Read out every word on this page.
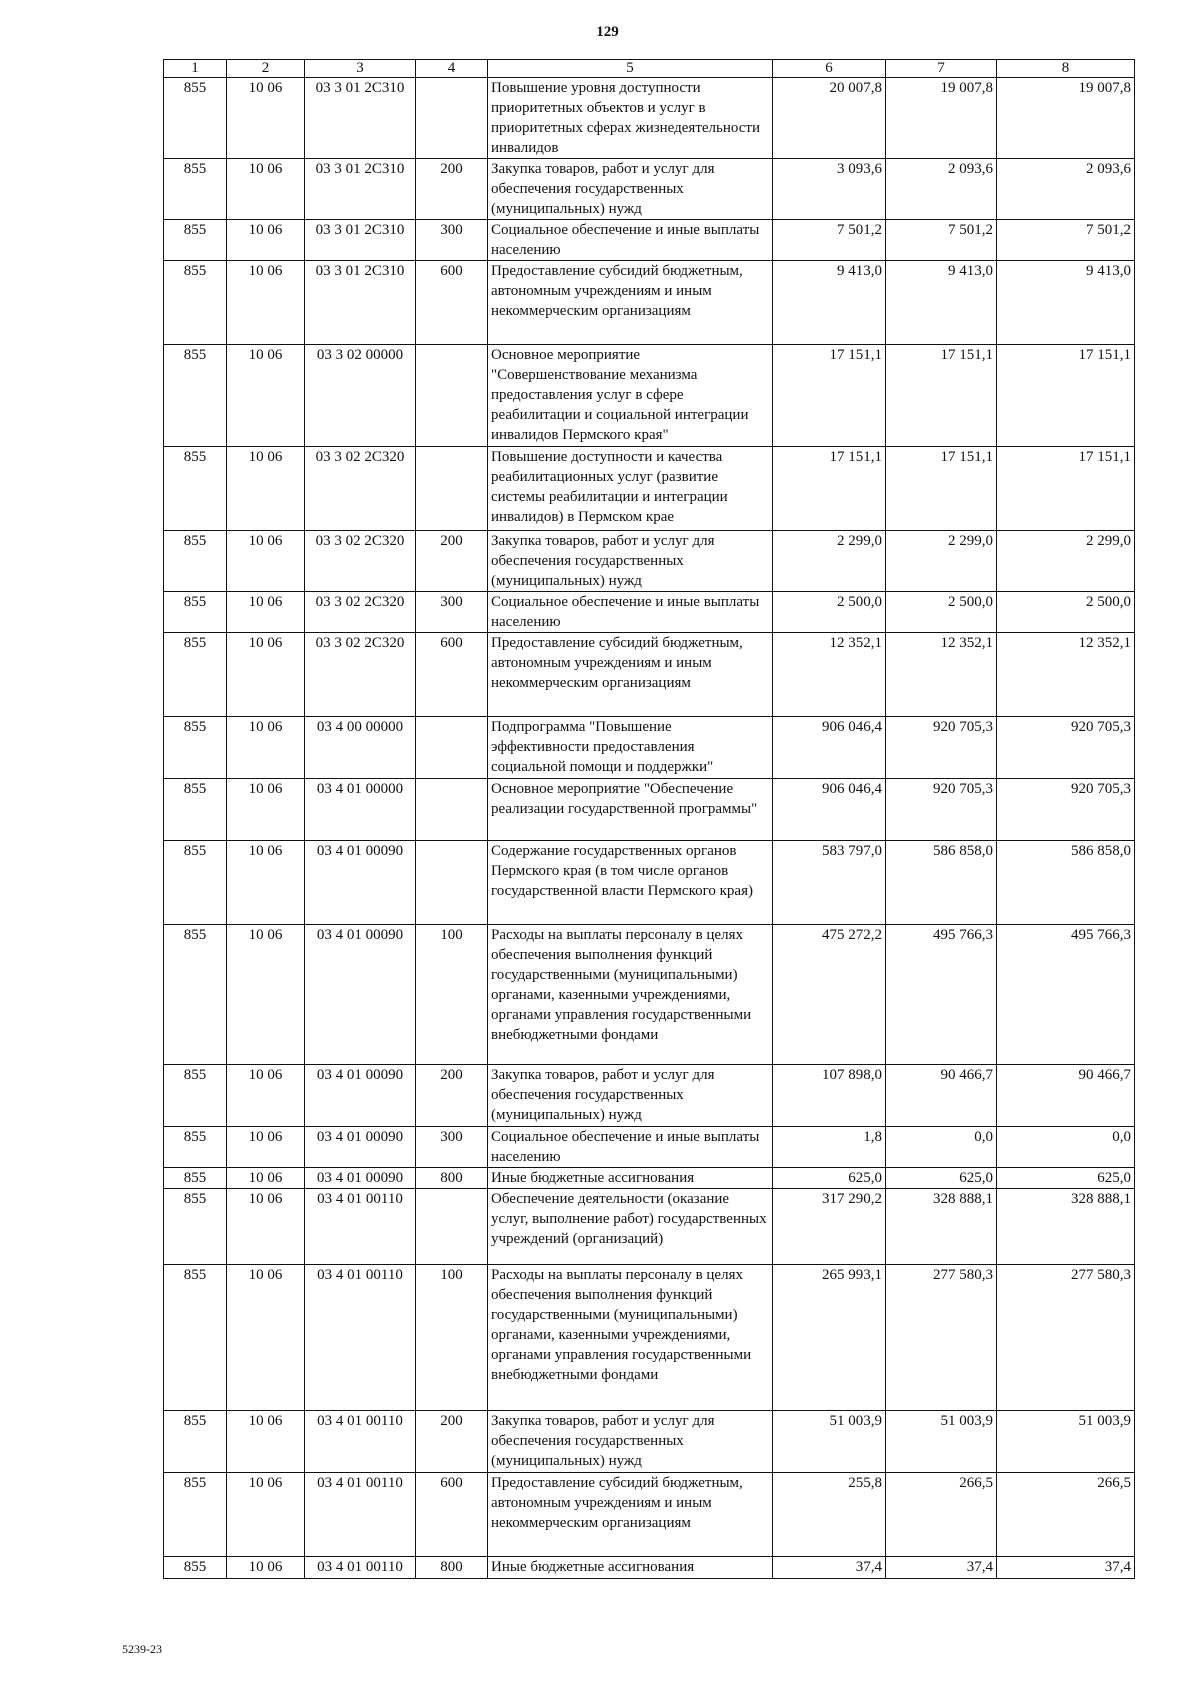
129
1	2	3	4	5	6	7	8
855	10 06	03 3 01 2С310		Повышение уровня доступности приоритетных объектов и услуг в приоритетных сферах жизнедеятельности инвалидов	20 007,8	19 007,8	19 007,8
855	10 06	03 3 01 2С310	200	Закупка товаров, работ и услуг для обеспечения государственных (муниципальных) нужд	3 093,6	2 093,6	2 093,6
855	10 06	03 3 01 2С310	300	Социальное обеспечение и иные выплаты населению	7 501,2	7 501,2	7 501,2
855	10 06	03 3 01 2С310	600	Предоставление субсидий бюджетным, автономным учреждениям и иным некоммерческим организациям	9 413,0	9 413,0	9 413,0
855	10 06	03 3 02 00000		Основное мероприятие "Совершенствование механизма предоставления услуг в сфере реабилитации и социальной интеграции инвалидов Пермского края"	17 151,1	17 151,1	17 151,1
855	10 06	03 3 02 2С320		Повышение доступности и качества реабилитационных услуг (развитие системы реабилитации и интеграции инвалидов) в Пермском крае	17 151,1	17 151,1	17 151,1
855	10 06	03 3 02 2С320	200	Закупка товаров, работ и услуг для обеспечения государственных (муниципальных) нужд	2 299,0	2 299,0	2 299,0
855	10 06	03 3 02 2С320	300	Социальное обеспечение и иные выплаты населению	2 500,0	2 500,0	2 500,0
855	10 06	03 3 02 2С320	600	Предоставление субсидий бюджетным, автономным учреждениям и иным некоммерческим организациям	12 352,1	12 352,1	12 352,1
855	10 06	03 4 00 00000		Подпрограмма "Повышение эффективности предоставления социальной помощи и поддержки"	906 046,4	920 705,3	920 705,3
855	10 06	03 4 01 00000		Основное мероприятие "Обеспечение реализации государственной программы"	906 046,4	920 705,3	920 705,3
855	10 06	03 4 01 00090		Содержание государственных органов Пермского края (в том числе органов государственной власти Пермского края)	583 797,0	586 858,0	586 858,0
855	10 06	03 4 01 00090	100	Расходы на выплаты персоналу в целях обеспечения выполнения функций государственными (муниципальными) органами, казенными учреждениями, органами управления государственными внебюджетными фондами	475 272,2	495 766,3	495 766,3
855	10 06	03 4 01 00090	200	Закупка товаров, работ и услуг для обеспечения государственных (муниципальных) нужд	107 898,0	90 466,7	90 466,7
855	10 06	03 4 01 00090	300	Социальное обеспечение и иные выплаты населению	1,8	0,0	0,0
855	10 06	03 4 01 00090	800	Иные бюджетные ассигнования	625,0	625,0	625,0
855	10 06	03 4 01 00110		Обеспечение деятельности (оказание услуг, выполнение работ) государственных учреждений (организаций)	317 290,2	328 888,1	328 888,1
855	10 06	03 4 01 00110	100	Расходы на выплаты персоналу в целях обеспечения выполнения функций государственными (муниципальными) органами, казенными учреждениями, органами управления государственными внебюджетными фондами	265 993,1	277 580,3	277 580,3
855	10 06	03 4 01 00110	200	Закупка товаров, работ и услуг для обеспечения государственных (муниципальных) нужд	51 003,9	51 003,9	51 003,9
855	10 06	03 4 01 00110	600	Предоставление субсидий бюджетным, автономным учреждениям и иным некоммерческим организациям	255,8	266,5	266,5
855	10 06	03 4 01 00110	800	Иные бюджетные ассигнования	37,4	37,4	37,4
5239-23
